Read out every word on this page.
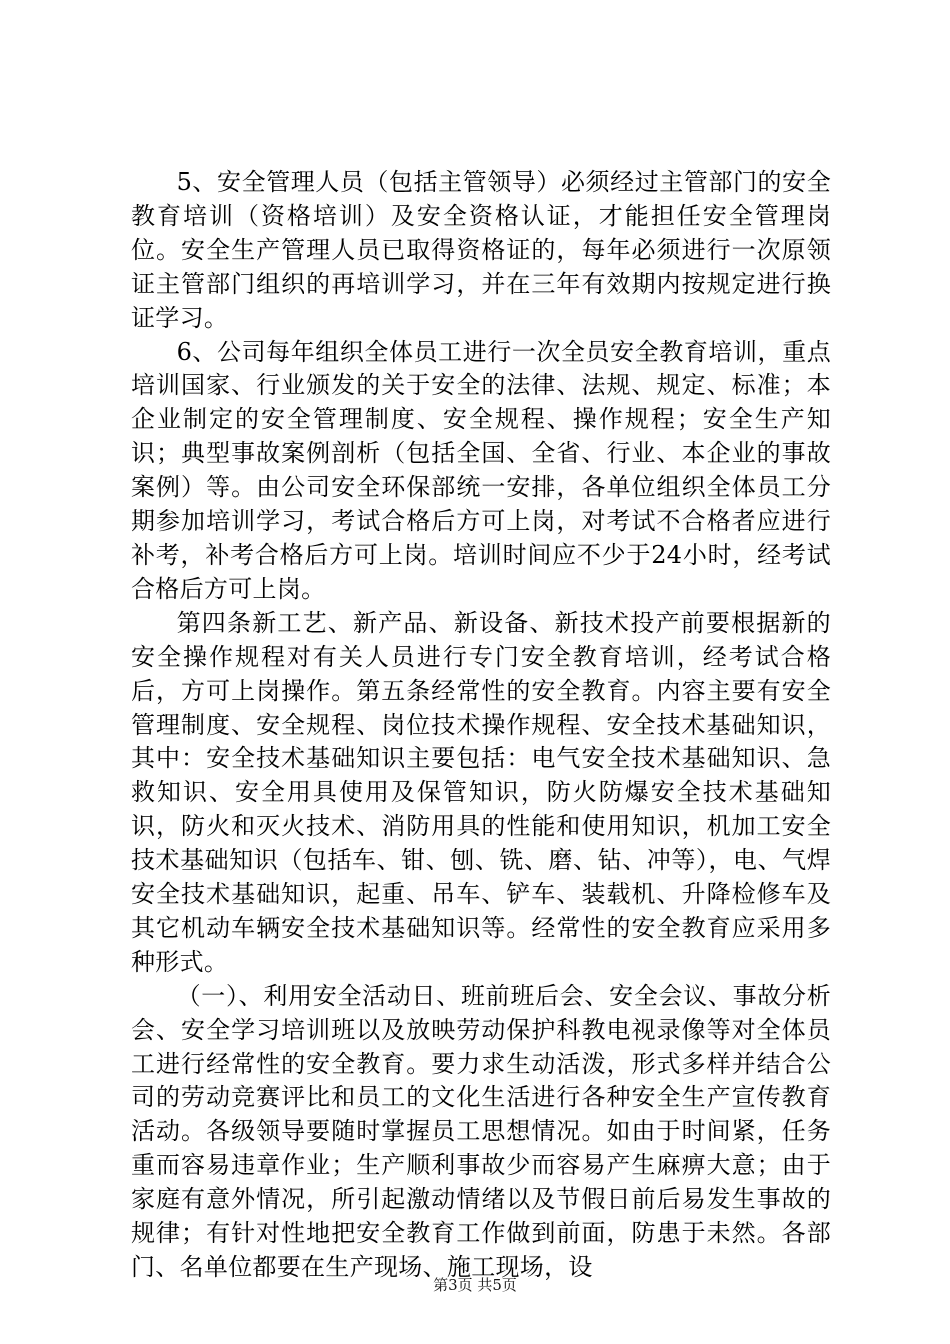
5、安全管理人员（包括主管领导）必须经过主管部门的安全教育培训（资格培训）及安全资格认证，才能担任安全管理岗位。安全生产管理人员已取得资格证的，每年必须进行一次原领证主管部门组织的再培训学习，并在三年有效期内按规定进行换证学习。

6、公司每年组织全体员工进行一次全员安全教育培训，重点培训国家、行业颁发的关于安全的法律、法规、规定、标准；本企业制定的安全管理制度、安全规程、操作规程；安全生产知识；典型事故案例剖析（包括全国、全省、行业、本企业的事故案例）等。由公司安全环保部统一安排，各单位组织全体员工分期参加培训学习，考试合格后方可上岗，对考试不合格者应进行补考，补考合格后方可上岗。培训时间应不少于24小时，经考试合格后方可上岗。

第四条新工艺、新产品、新设备、新技术投产前要根据新的安全操作规程对有关人员进行专门安全教育培训，经考试合格后，方可上岗操作。第五条经常性的安全教育。内容主要有安全管理制度、安全规程、岗位技术操作规程、安全技术基础知识，其中：安全技术基础知识主要包括：电气安全技术基础知识、急救知识、安全用具使用及保管知识，防火防爆安全技术基础知识，防火和灭火技术、消防用具的性能和使用知识，机加工安全技术基础知识（包括车、钳、刨、铣、磨、钻、冲等），电、气焊安全技术基础知识，起重、吊车、铲车、装载机、升降检修车及其它机动车辆安全技术基础知识等。经常性的安全教育应采用多种形式。

（一）、利用安全活动日、班前班后会、安全会议、事故分析会、安全学习培训班以及放映劳动保护科教电视录像等对全体员工进行经常性的安全教育。要力求生动活泼，形式多样并结合公司的劳动竞赛评比和员工的文化生活进行各种安全生产宣传教育活动。各级领导要随时掌握员工思想情况。如由于时间紧，任务重而容易违章作业；生产顺利事故少而容易产生麻痹大意；由于家庭有意外情况，所引起激动情绪以及节假日前后易发生事故的规律；有针对性地把安全教育工作做到前面，防患于未然。各部门、名单位都要在生产现场、施工现场，设

第3页 共5页
